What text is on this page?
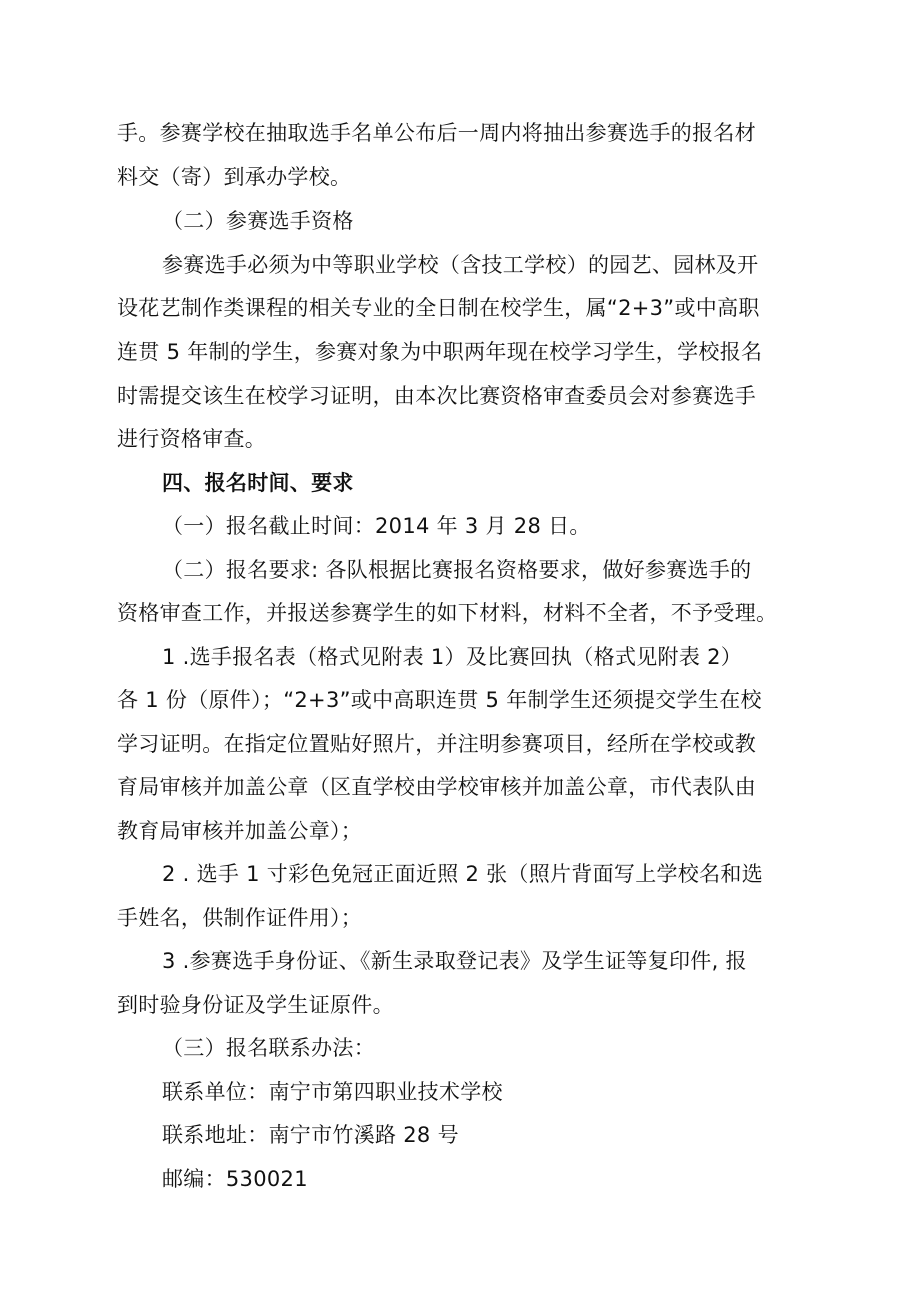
手。参赛学校在抽取选手名单公布后一周内将抽出参赛选手的报名材
料交（寄）到承办学校。
（二）参赛选手资格
参赛选手必须为中等职业学校（含技工学校）的园艺、园林及开
设花艺制作类课程的相关专业的全日制在校学生，属“2+3”或中高职
连贯 5 年制的学生，参赛对象为中职两年现在校学习学生，学校报名
时需提交该生在校学习证明，由本次比赛资格审查委员会对参赛选手
进行资格审查。
四、报名时间、要求
（一）报名截止时间：2014 年 3 月 28 日。
（二）报名要求: 各队根据比赛报名资格要求，做好参赛选手的
资格审查工作，并报送参赛学生的如下材料，材料不全者，不予受理。
1 .选手报名表（格式见附表 1）及比赛回执（格式见附表 2）
各 1 份（原件）；“2+3”或中高职连贯 5 年制学生还须提交学生在校
学习证明。在指定位置贴好照片，并注明参赛项目，经所在学校或教
育局审核并加盖公章（区直学校由学校审核并加盖公章，市代表队由
教育局审核并加盖公章）；
2 . 选手 1 寸彩色免冠正面近照 2 张（照片背面写上学校名和选
手姓名，供制作证件用）；
3 .参赛选手身份证、《新生录取登记表》及学生证等复印件, 报
到时验身份证及学生证原件。
（三）报名联系办法：
联系单位：南宁市第四职业技术学校
联系地址：南宁市竹溪路 28 号
邮编：530021
